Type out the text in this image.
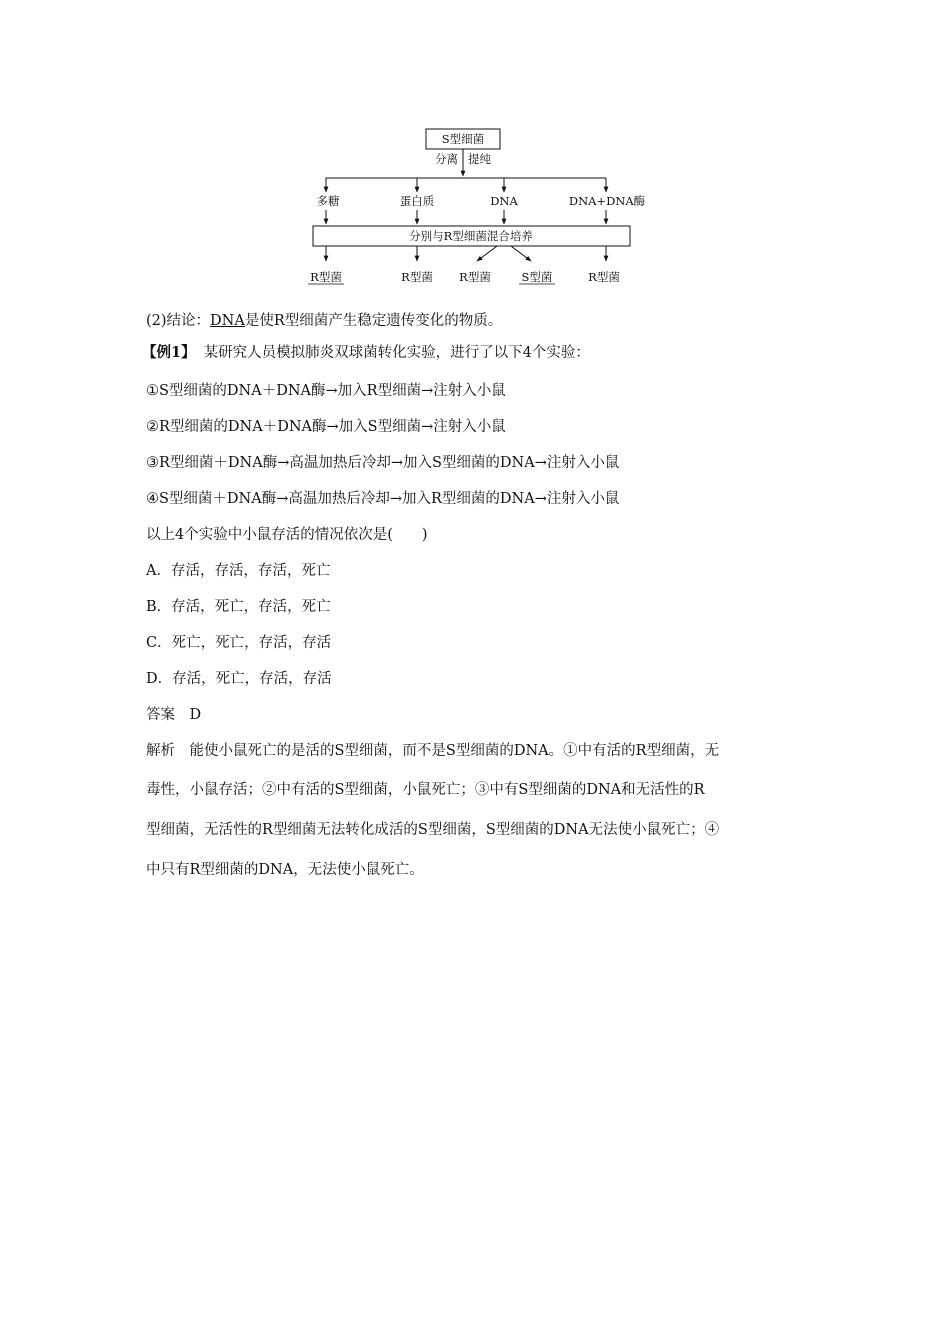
S型细菌
分离 提纯
多糖	蛋白质	DNA	DNA+DNA酶
分别与R型细菌混合培养
R型菌	R型菌 R型菌	S型菌	R型菌
(2)结论：DNA是使R型细菌产生稳定遗传变化的物质。
【例1】 某研究人员模拟肺炎双球菌转化实验，进行了以下4个实验：
①S型细菌的DNA＋DNA酶→加入R型细菌→注射入小鼠
②R型细菌的DNA＋DNA酶→加入S型细菌→注射入小鼠
③R型细菌＋DNA酶→高温加热后冷却→加入S型细菌的DNA→注射入小鼠
④S型细菌＋DNA酶→高温加热后冷却→加入R型细菌的DNA→注射入小鼠
以上4个实验中小鼠存活的情况依次是(　　)
A．存活，存活，存活，死亡
B．存活，死亡，存活，死亡
C．死亡，死亡，存活，存活
D．存活，死亡，存活，存活
答案　D
解析　能使小鼠死亡的是活的S型细菌，而不是S型细菌的DNA。①中有活的R型细菌，无
毒性，小鼠存活；②中有活的S型细菌，小鼠死亡；③中有S型细菌的DNA和无活性的R
型细菌，无活性的R型细菌无法转化成活的S型细菌，S型细菌的DNA无法使小鼠死亡；④
中只有R型细菌的DNA，无法使小鼠死亡。
